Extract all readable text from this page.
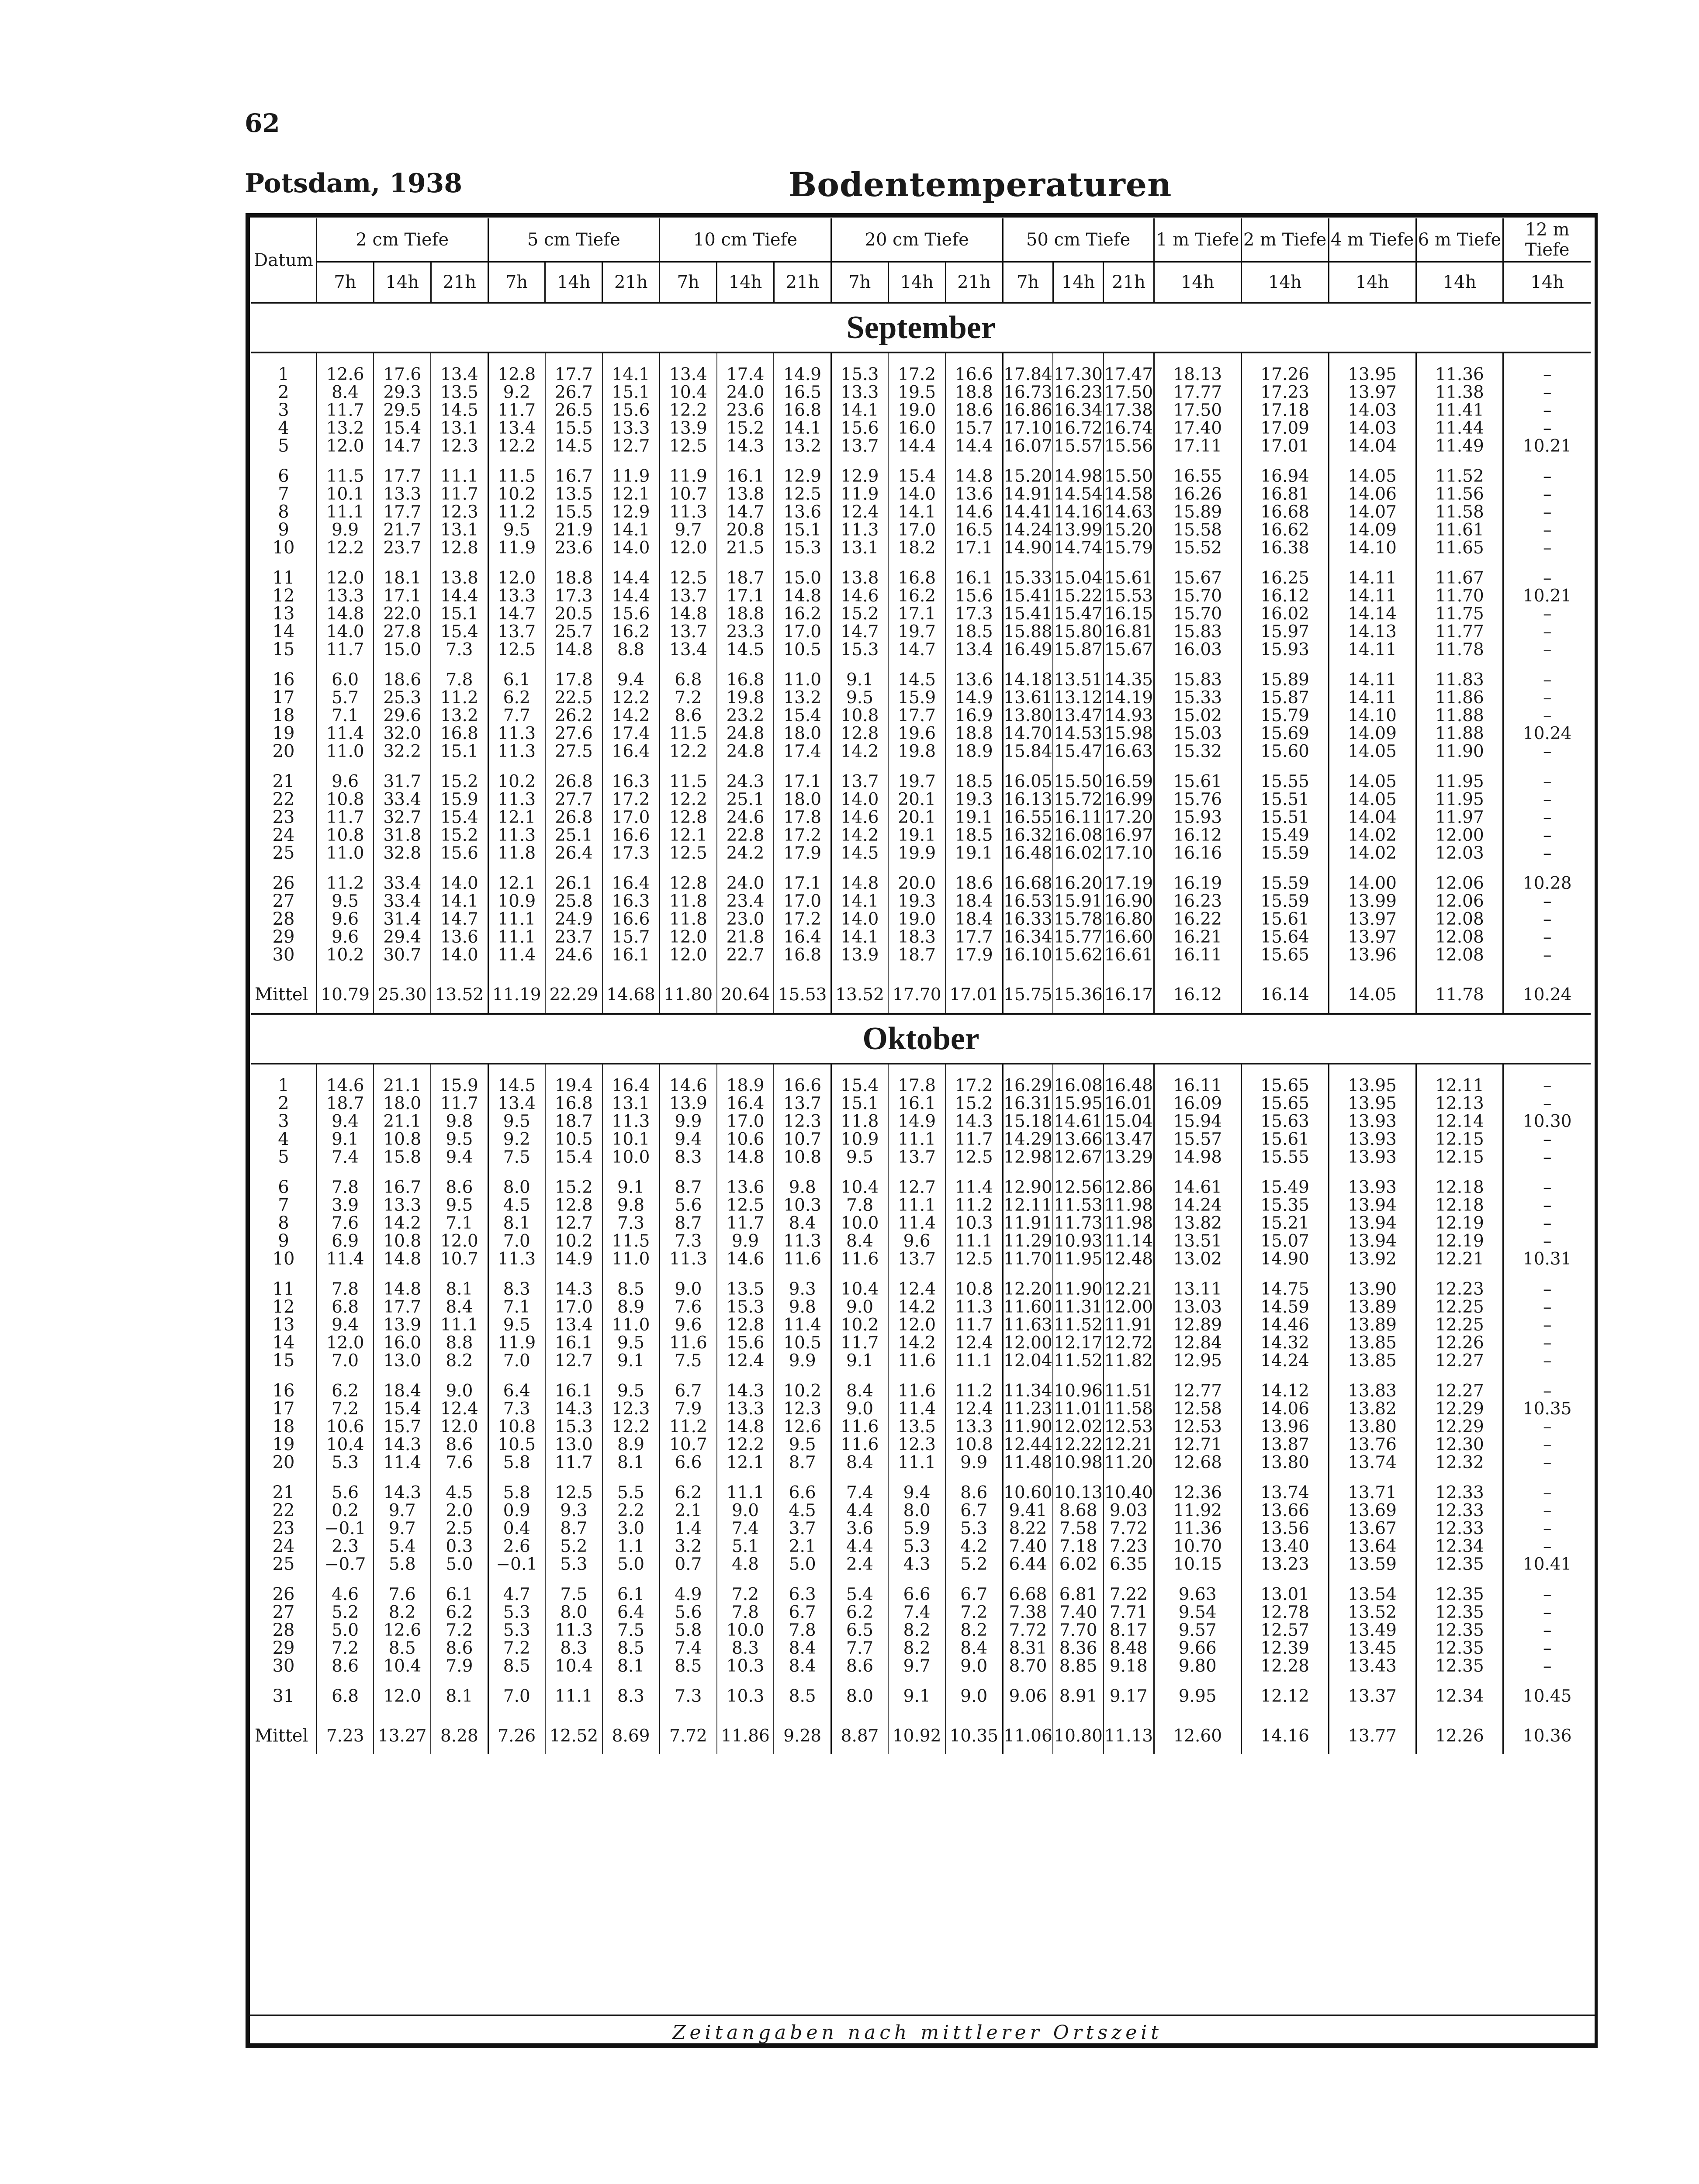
62
Potsdam, 1938	Bodentemperaturen
Datum	2 cm Tiefe			5 cm Tiefe			10 cm Tiefe			20 cm Tiefe			50 cm Tiefe			1 m Tiefe	2 m Tiefe	4 m Tiefe	6 m Tiefe	12 m Tiefe
	7h	14h	21h	7h	14h	21h	7h	14h	21h	7h	14h	21h	7h	14h	21h	14h	14h	14h	14h	14h
September																				

1	12.6	17.6	13.4	12.8	17.7	14.1	13.4	17.4	14.9	15.3	17.2	16.6	17.84	17.30	17.47	18.13	17.26	13.95	11.36	–
2	8.4	29.3	13.5	9.2	26.7	15.1	10.4	24.0	16.5	13.3	19.5	18.8	16.73	16.23	17.50	17.77	17.23	13.97	11.38	–
3	11.7	29.5	14.5	11.7	26.5	15.6	12.2	23.6	16.8	14.1	19.0	18.6	16.86	16.34	17.38	17.50	17.18	14.03	11.41	–
4	13.2	15.4	13.1	13.4	15.5	13.3	13.9	15.2	14.1	15.6	16.0	15.7	17.10	16.72	16.74	17.40	17.09	14.03	11.44	–
5	12.0	14.7	12.3	12.2	14.5	12.7	12.5	14.3	13.2	13.7	14.4	14.4	16.07	15.57	15.56	17.11	17.01	14.04	11.49	10.21

6	11.5	17.7	11.1	11.5	16.7	11.9	11.9	16.1	12.9	12.9	15.4	14.8	15.20	14.98	15.50	16.55	16.94	14.05	11.52	–
7	10.1	13.3	11.7	10.2	13.5	12.1	10.7	13.8	12.5	11.9	14.0	13.6	14.91	14.54	14.58	16.26	16.81	14.06	11.56	–
8	11.1	17.7	12.3	11.2	15.5	12.9	11.3	14.7	13.6	12.4	14.1	14.6	14.41	14.16	14.63	15.89	16.68	14.07	11.58	–
9	9.9	21.7	13.1	9.5	21.9	14.1	9.7	20.8	15.1	11.3	17.0	16.5	14.24	13.99	15.20	15.58	16.62	14.09	11.61	–
10	12.2	23.7	12.8	11.9	23.6	14.0	12.0	21.5	15.3	13.1	18.2	17.1	14.90	14.74	15.79	15.52	16.38	14.10	11.65	–

11	12.0	18.1	13.8	12.0	18.8	14.4	12.5	18.7	15.0	13.8	16.8	16.1	15.33	15.04	15.61	15.67	16.25	14.11	11.67	–
12	13.3	17.1	14.4	13.3	17.3	14.4	13.7	17.1	14.8	14.6	16.2	15.6	15.41	15.22	15.53	15.70	16.12	14.11	11.70	10.21
13	14.8	22.0	15.1	14.7	20.5	15.6	14.8	18.8	16.2	15.2	17.1	17.3	15.41	15.47	16.15	15.70	16.02	14.14	11.75	–
14	14.0	27.8	15.4	13.7	25.7	16.2	13.7	23.3	17.0	14.7	19.7	18.5	15.88	15.80	16.81	15.83	15.97	14.13	11.77	–
15	11.7	15.0	7.3	12.5	14.8	8.8	13.4	14.5	10.5	15.3	14.7	13.4	16.49	15.87	15.67	16.03	15.93	14.11	11.78	–

16	6.0	18.6	7.8	6.1	17.8	9.4	6.8	16.8	11.0	9.1	14.5	13.6	14.18	13.51	14.35	15.83	15.89	14.11	11.83	–
17	5.7	25.3	11.2	6.2	22.5	12.2	7.2	19.8	13.2	9.5	15.9	14.9	13.61	13.12	14.19	15.33	15.87	14.11	11.86	–
18	7.1	29.6	13.2	7.7	26.2	14.2	8.6	23.2	15.4	10.8	17.7	16.9	13.80	13.47	14.93	15.02	15.79	14.10	11.88	–
19	11.4	32.0	16.8	11.3	27.6	17.4	11.5	24.8	18.0	12.8	19.6	18.8	14.70	14.53	15.98	15.03	15.69	14.09	11.88	10.24
20	11.0	32.2	15.1	11.3	27.5	16.4	12.2	24.8	17.4	14.2	19.8	18.9	15.84	15.47	16.63	15.32	15.60	14.05	11.90	–

21	9.6	31.7	15.2	10.2	26.8	16.3	11.5	24.3	17.1	13.7	19.7	18.5	16.05	15.50	16.59	15.61	15.55	14.05	11.95	–
22	10.8	33.4	15.9	11.3	27.7	17.2	12.2	25.1	18.0	14.0	20.1	19.3	16.13	15.72	16.99	15.76	15.51	14.05	11.95	–
23	11.7	32.7	15.4	12.1	26.8	17.0	12.8	24.6	17.8	14.6	20.1	19.1	16.55	16.11	17.20	15.93	15.51	14.04	11.97	–
24	10.8	31.8	15.2	11.3	25.1	16.6	12.1	22.8	17.2	14.2	19.1	18.5	16.32	16.08	16.97	16.12	15.49	14.02	12.00	–
25	11.0	32.8	15.6	11.8	26.4	17.3	12.5	24.2	17.9	14.5	19.9	19.1	16.48	16.02	17.10	16.16	15.59	14.02	12.03	–

26	11.2	33.4	14.0	12.1	26.1	16.4	12.8	24.0	17.1	14.8	20.0	18.6	16.68	16.20	17.19	16.19	15.59	14.00	12.06	10.28
27	9.5	33.4	14.1	10.9	25.8	16.3	11.8	23.4	17.0	14.1	19.3	18.4	16.53	15.91	16.90	16.23	15.59	13.99	12.06	–
28	9.6	31.4	14.7	11.1	24.9	16.6	11.8	23.0	17.2	14.0	19.0	18.4	16.33	15.78	16.80	16.22	15.61	13.97	12.08	–
29	9.6	29.4	13.6	11.1	23.7	15.7	12.0	21.8	16.4	14.1	18.3	17.7	16.34	15.77	16.60	16.21	15.64	13.97	12.08	–
30	10.2	30.7	14.0	11.4	24.6	16.1	12.0	22.7	16.8	13.9	18.7	17.9	16.10	15.62	16.61	16.11	15.65	13.96	12.08	–

Mittel	10.79	25.30	13.52	11.19	22.29	14.68	11.80	20.64	15.53	13.52	17.70	17.01	15.75	15.36	16.17	16.12	16.14	14.05	11.78	10.24
Oktober																				

1	14.6	21.1	15.9	14.5	19.4	16.4	14.6	18.9	16.6	15.4	17.8	17.2	16.29	16.08	16.48	16.11	15.65	13.95	12.11	–
2	18.7	18.0	11.7	13.4	16.8	13.1	13.9	16.4	13.7	15.1	16.1	15.2	16.31	15.95	16.01	16.09	15.65	13.95	12.13	–
3	9.4	21.1	9.8	9.5	18.7	11.3	9.9	17.0	12.3	11.8	14.9	14.3	15.18	14.61	15.04	15.94	15.63	13.93	12.14	10.30
4	9.1	10.8	9.5	9.2	10.5	10.1	9.4	10.6	10.7	10.9	11.1	11.7	14.29	13.66	13.47	15.57	15.61	13.93	12.15	–
5	7.4	15.8	9.4	7.5	15.4	10.0	8.3	14.8	10.8	9.5	13.7	12.5	12.98	12.67	13.29	14.98	15.55	13.93	12.15	–

6	7.8	16.7	8.6	8.0	15.2	9.1	8.7	13.6	9.8	10.4	12.7	11.4	12.90	12.56	12.86	14.61	15.49	13.93	12.18	–
7	3.9	13.3	9.5	4.5	12.8	9.8	5.6	12.5	10.3	7.8	11.1	11.2	12.11	11.53	11.98	14.24	15.35	13.94	12.18	–
8	7.6	14.2	7.1	8.1	12.7	7.3	8.7	11.7	8.4	10.0	11.4	10.3	11.91	11.73	11.98	13.82	15.21	13.94	12.19	–
9	6.9	10.8	12.0	7.0	10.2	11.5	7.3	9.9	11.3	8.4	9.6	11.1	11.29	10.93	11.14	13.51	15.07	13.94	12.19	–
10	11.4	14.8	10.7	11.3	14.9	11.0	11.3	14.6	11.6	11.6	13.7	12.5	11.70	11.95	12.48	13.02	14.90	13.92	12.21	10.31

11	7.8	14.8	8.1	8.3	14.3	8.5	9.0	13.5	9.3	10.4	12.4	10.8	12.20	11.90	12.21	13.11	14.75	13.90	12.23	–
12	6.8	17.7	8.4	7.1	17.0	8.9	7.6	15.3	9.8	9.0	14.2	11.3	11.60	11.31	12.00	13.03	14.59	13.89	12.25	–
13	9.4	13.9	11.1	9.5	13.4	11.0	9.6	12.8	11.4	10.2	12.0	11.7	11.63	11.52	11.91	12.89	14.46	13.89	12.25	–
14	12.0	16.0	8.8	11.9	16.1	9.5	11.6	15.6	10.5	11.7	14.2	12.4	12.00	12.17	12.72	12.84	14.32	13.85	12.26	–
15	7.0	13.0	8.2	7.0	12.7	9.1	7.5	12.4	9.9	9.1	11.6	11.1	12.04	11.52	11.82	12.95	14.24	13.85	12.27	–

16	6.2	18.4	9.0	6.4	16.1	9.5	6.7	14.3	10.2	8.4	11.6	11.2	11.34	10.96	11.51	12.77	14.12	13.83	12.27	–
17	7.2	15.4	12.4	7.3	14.3	12.3	7.9	13.3	12.3	9.0	11.4	12.4	11.23	11.01	11.58	12.58	14.06	13.82	12.29	10.35
18	10.6	15.7	12.0	10.8	15.3	12.2	11.2	14.8	12.6	11.6	13.5	13.3	11.90	12.02	12.53	12.53	13.96	13.80	12.29	–
19	10.4	14.3	8.6	10.5	13.0	8.9	10.7	12.2	9.5	11.6	12.3	10.8	12.44	12.22	12.21	12.71	13.87	13.76	12.30	–
20	5.3	11.4	7.6	5.8	11.7	8.1	6.6	12.1	8.7	8.4	11.1	9.9	11.48	10.98	11.20	12.68	13.80	13.74	12.32	–

21	5.6	14.3	4.5	5.8	12.5	5.5	6.2	11.1	6.6	7.4	9.4	8.6	10.60	10.13	10.40	12.36	13.74	13.71	12.33	–
22	0.2	9.7	2.0	0.9	9.3	2.2	2.1	9.0	4.5	4.4	8.0	6.7	9.41	8.68	9.03	11.92	13.66	13.69	12.33	–
23	−0.1	9.7	2.5	0.4	8.7	3.0	1.4	7.4	3.7	3.6	5.9	5.3	8.22	7.58	7.72	11.36	13.56	13.67	12.33	–
24	2.3	5.4	0.3	2.6	5.2	1.1	3.2	5.1	2.1	4.4	5.3	4.2	7.40	7.18	7.23	10.70	13.40	13.64	12.34	–
25	−0.7	5.8	5.0	−0.1	5.3	5.0	0.7	4.8	5.0	2.4	4.3	5.2	6.44	6.02	6.35	10.15	13.23	13.59	12.35	10.41

26	4.6	7.6	6.1	4.7	7.5	6.1	4.9	7.2	6.3	5.4	6.6	6.7	6.68	6.81	7.22	9.63	13.01	13.54	12.35	–
27	5.2	8.2	6.2	5.3	8.0	6.4	5.6	7.8	6.7	6.2	7.4	7.2	7.38	7.40	7.71	9.54	12.78	13.52	12.35	–
28	5.0	12.6	7.2	5.3	11.3	7.5	5.8	10.0	7.8	6.5	8.2	8.2	7.72	7.70	8.17	9.57	12.57	13.49	12.35	–
29	7.2	8.5	8.6	7.2	8.3	8.5	7.4	8.3	8.4	7.7	8.2	8.4	8.31	8.36	8.48	9.66	12.39	13.45	12.35	–
30	8.6	10.4	7.9	8.5	10.4	8.1	8.5	10.3	8.4	8.6	9.7	9.0	8.70	8.85	9.18	9.80	12.28	13.43	12.35	–

31	6.8	12.0	8.1	7.0	11.1	8.3	7.3	10.3	8.5	8.0	9.1	9.0	9.06	8.91	9.17	9.95	12.12	13.37	12.34	10.45

Mittel	7.23	13.27	8.28	7.26	12.52	8.69	7.72	11.86	9.28	8.87	10.92	10.35	11.06	10.80	11.13	12.60	14.16	13.77	12.26	10.36
Zeitangaben nach mittlerer Ortszeit
